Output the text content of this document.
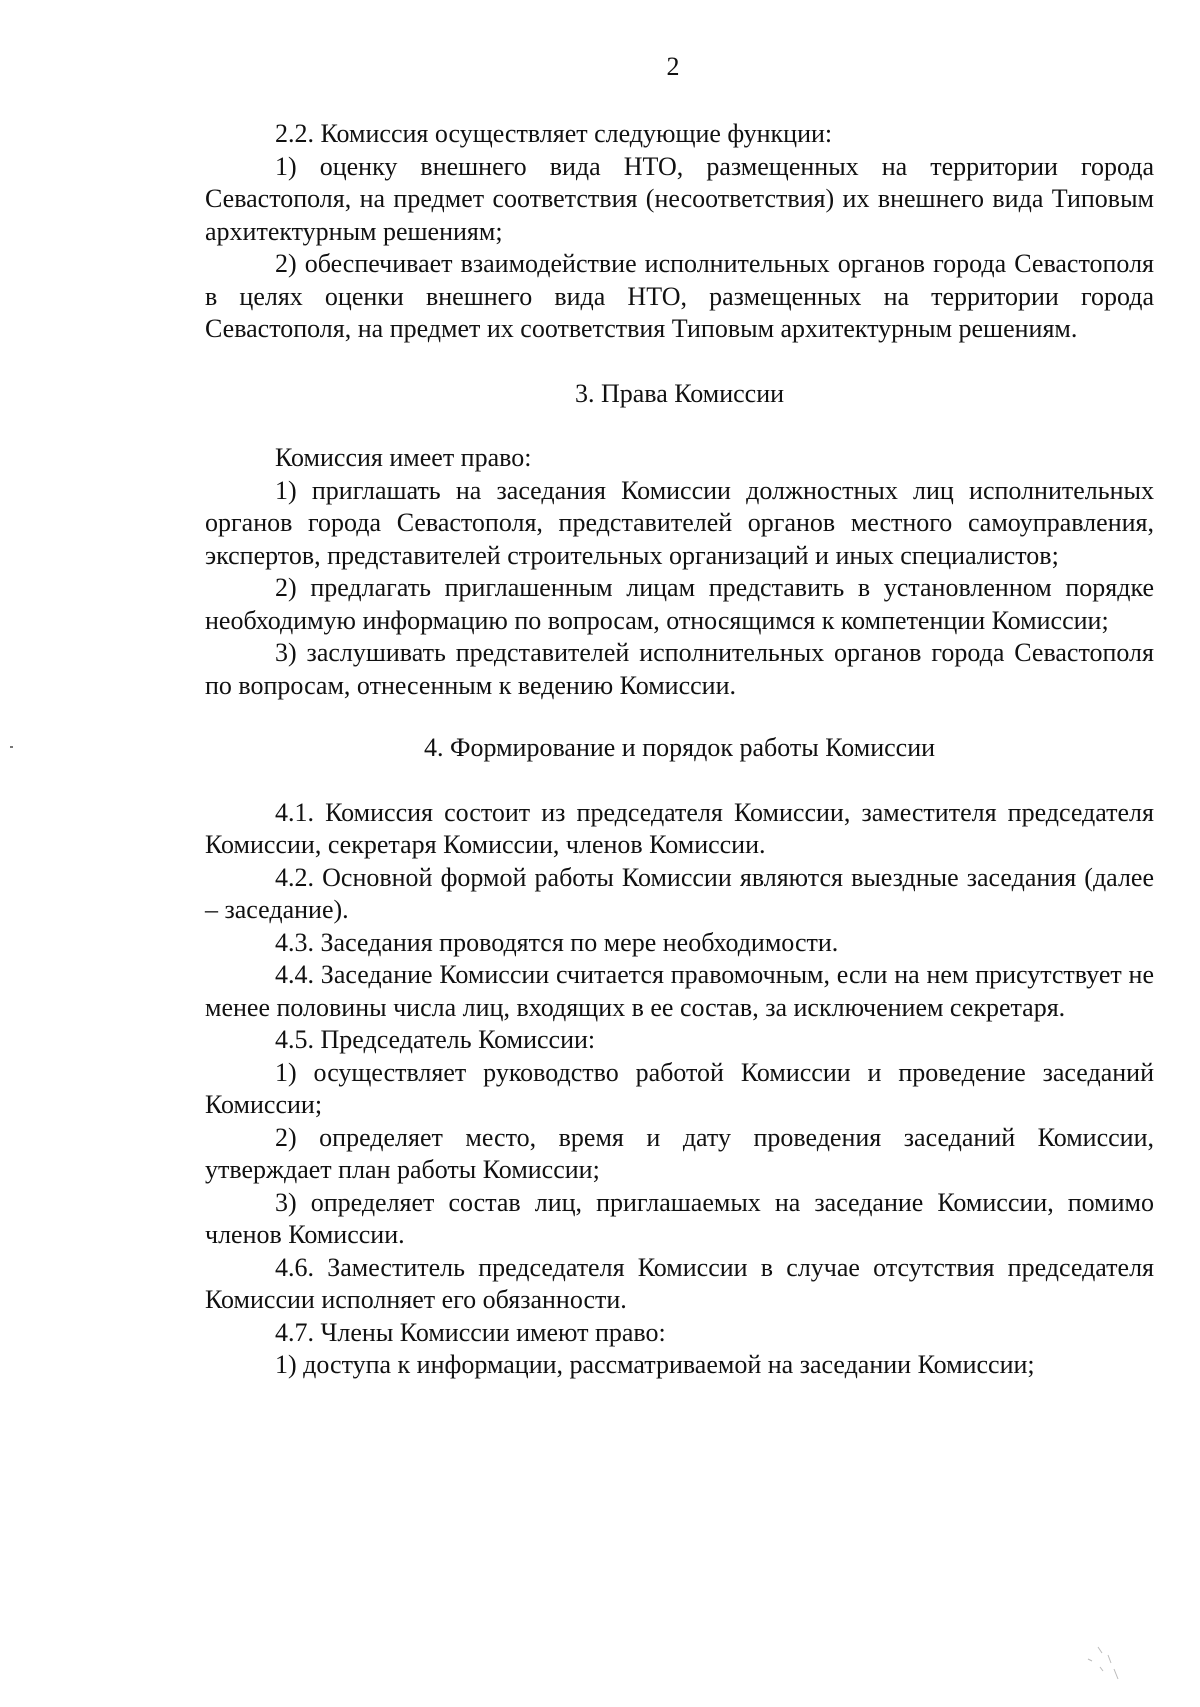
2

2.2. Комиссия осуществляет следующие функции:

1) оценку внешнего вида НТО, размещенных на территории города Севастополя, на предмет соответствия (несоответствия) их внешнего вида Типовым архитектурным решениям;

2) обеспечивает взаимодействие исполнительных органов города Севастополя в целях оценки внешнего вида НТО, размещенных на территории города Севастополя, на предмет их соответствия Типовым архитектурным решениям.

3. Права Комиссии

Комиссия имеет право:

1) приглашать на заседания Комиссии должностных лиц исполнительных органов города Севастополя, представителей органов местного самоуправления, экспертов, представителей строительных организаций и иных специалистов;

2) предлагать приглашенным лицам представить в установленном порядке необходимую информацию по вопросам, относящимся к компетенции Комиссии;

3) заслушивать представителей исполнительных органов города Севастополя по вопросам, отнесенным к ведению Комиссии.

4. Формирование и порядок работы Комиссии

4.1. Комиссия состоит из председателя Комиссии, заместителя председателя Комиссии, секретаря Комиссии, членов Комиссии.

4.2. Основной формой работы Комиссии являются выездные заседания (далее – заседание).

4.3. Заседания проводятся по мере необходимости.

4.4. Заседание Комиссии считается правомочным, если на нем присутствует не менее половины числа лиц, входящих в ее состав, за исключением секретаря.

4.5. Председатель Комиссии:

1) осуществляет руководство работой Комиссии и проведение заседаний Комиссии;

2) определяет место, время и дату проведения заседаний Комиссии, утверждает план работы Комиссии;

3) определяет состав лиц, приглашаемых на заседание Комиссии, помимо членов Комиссии.

4.6. Заместитель председателя Комиссии в случае отсутствия председателя Комиссии исполняет его обязанности.

4.7. Члены Комиссии имеют право:

1) доступа к информации, рассматриваемой на заседании Комиссии;
